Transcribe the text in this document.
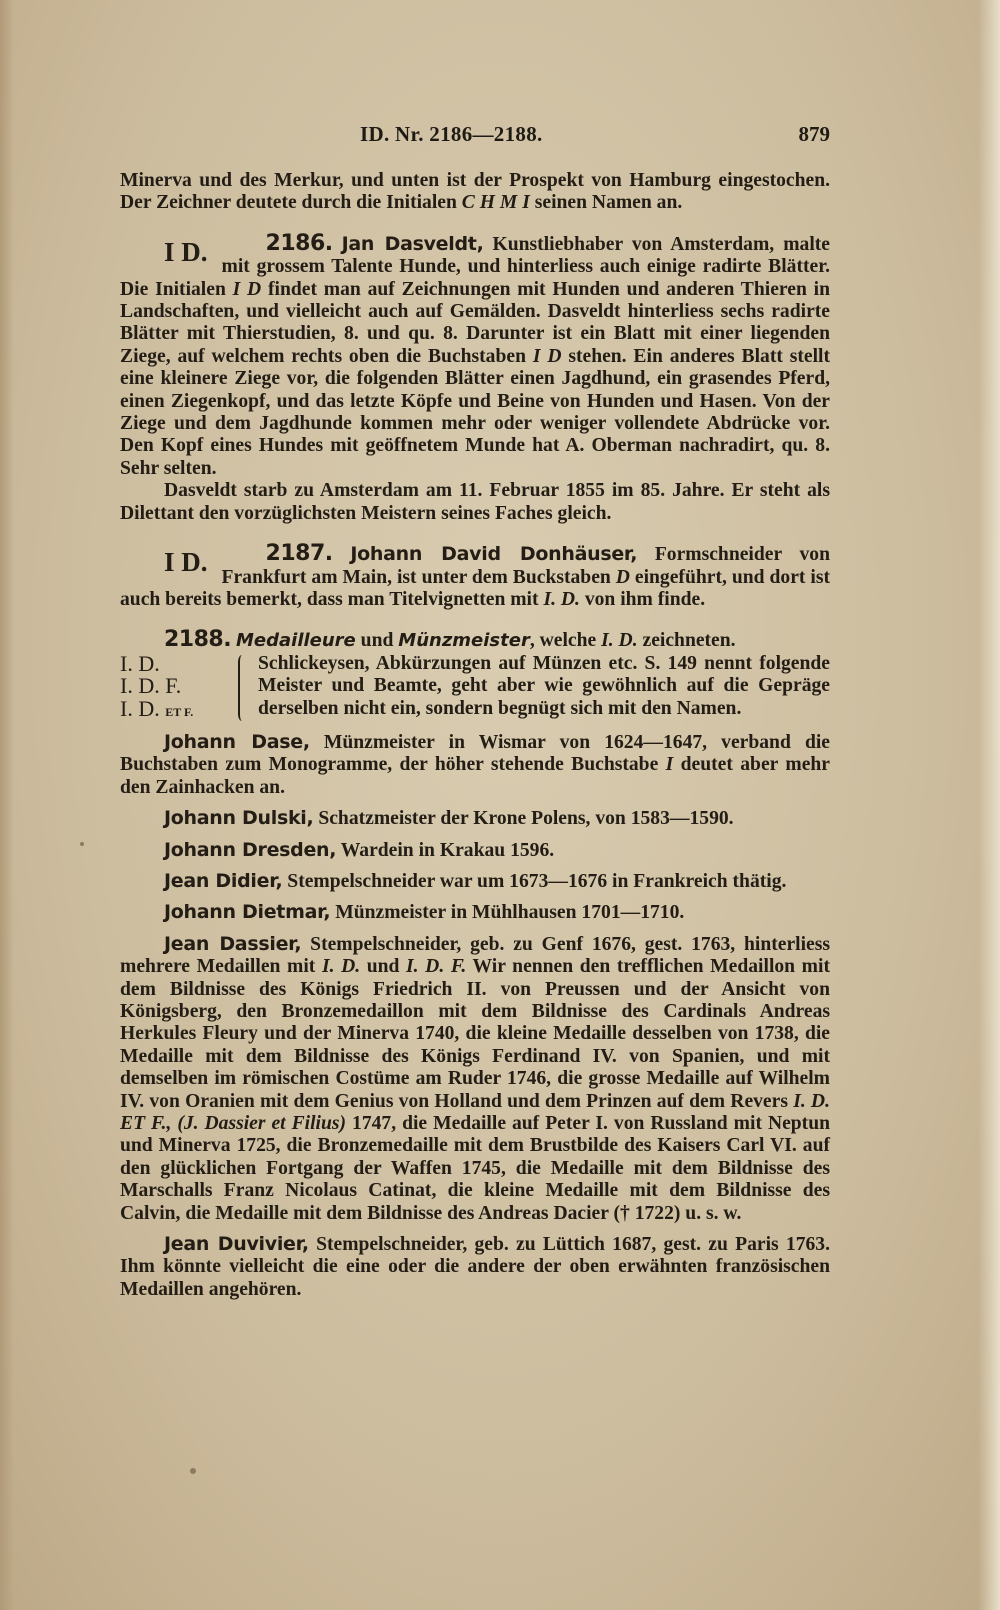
ID. Nr. 2186—2188.	879

Minerva und des Merkur, und unten ist der Prospekt von Hamburg eingestochen. Der Zeichner deutete durch die Initialen C H M I seinen Namen an.

2186.
I D.	Jan Dasveldt, Kunstliebhaber von Amsterdam, malte mit grossem Talente Hunde, und hinterliess auch einige radirte Blätter. Die Initialen I D findet man auf Zeichnungen mit Hunden und anderen Thieren in Landschaften, und vielleicht auch auf Gemälden. Dasveldt hinterliess sechs radirte Blätter mit Thierstudien, 8. und qu. 8. Darunter ist ein Blatt mit einer liegenden Ziege, auf welchem rechts oben die Buchstaben I D stehen. Ein anderes Blatt stellt eine kleinere Ziege vor, die folgenden Blätter einen Jagdhund, ein grasendes Pferd, einen Ziegenkopf, und das letzte Köpfe und Beine von Hunden und Hasen. Von der Ziege und dem Jagdhunde kommen mehr oder weniger vollendete Abdrücke vor. Den Kopf eines Hundes mit geöffnetem Munde hat A. Oberman nachradirt, qu. 8. Sehr selten.

Dasveldt starb zu Amsterdam am 11. Februar 1855 im 85. Jahre. Er steht als Dilettant den vorzüglichsten Meistern seines Faches gleich.

2187.
I D.	Johann David Donhäuser, Formschneider von Frankfurt am Main, ist unter dem Buckstaben D eingeführt, und dort ist auch bereits bemerkt, dass man Titelvignetten mit I. D. von ihm finde.

2188. Medailleure und Münzmeister, welche I. D. zeichneten.

I. D.
I. D. F.
I. D. ET F.
Schlickeysen, Abkürzungen auf Münzen etc. S. 149 nennt folgende Meister und Beamte, geht aber wie gewöhnlich auf die Gepräge derselben nicht ein, sondern begnügt sich mit den Namen.

Johann Dase, Münzmeister in Wismar von 1624—1647, verband die Buchstaben zum Monogramme, der höher stehende Buchstabe I deutet aber mehr den Zainhacken an.

Johann Dulski, Schatzmeister der Krone Polens, von 1583—1590.

Johann Dresden, Wardein in Krakau 1596.

Jean Didier, Stempelschneider war um 1673—1676 in Frankreich thätig.

Johann Dietmar, Münzmeister in Mühlhausen 1701—1710.

Jean Dassier, Stempelschneider, geb. zu Genf 1676, gest. 1763, hinterliess mehrere Medaillen mit I. D. und I. D. F. Wir nennen den trefflichen Medaillon mit dem Bildnisse des Königs Friedrich II. von Preussen und der Ansicht von Königsberg, den Bronzemedaillon mit dem Bildnisse des Cardinals Andreas Herkules Fleury und der Minerva 1740, die kleine Medaille desselben von 1738, die Medaille mit dem Bildnisse des Königs Ferdinand IV. von Spanien, und mit demselben im römischen Costüme am Ruder 1746, die grosse Medaille auf Wilhelm IV. von Oranien mit dem Genius von Holland und dem Prinzen auf dem Revers I. D. ET F., (J. Dassier et Filius) 1747, die Medaille auf Peter I. von Russland mit Neptun und Minerva 1725, die Bronzemedaille mit dem Brustbilde des Kaisers Carl VI. auf den glücklichen Fortgang der Waffen 1745, die Medaille mit dem Bildnisse des Marschalls Franz Nicolaus Catinat, die kleine Medaille mit dem Bildnisse des Calvin, die Medaille mit dem Bildnisse des Andreas Dacier († 1722) u. s. w.

Jean Duvivier, Stempelschneider, geb. zu Lüttich 1687, gest. zu Paris 1763. Ihm könnte vielleicht die eine oder die andere der oben erwähnten französischen Medaillen angehören.
